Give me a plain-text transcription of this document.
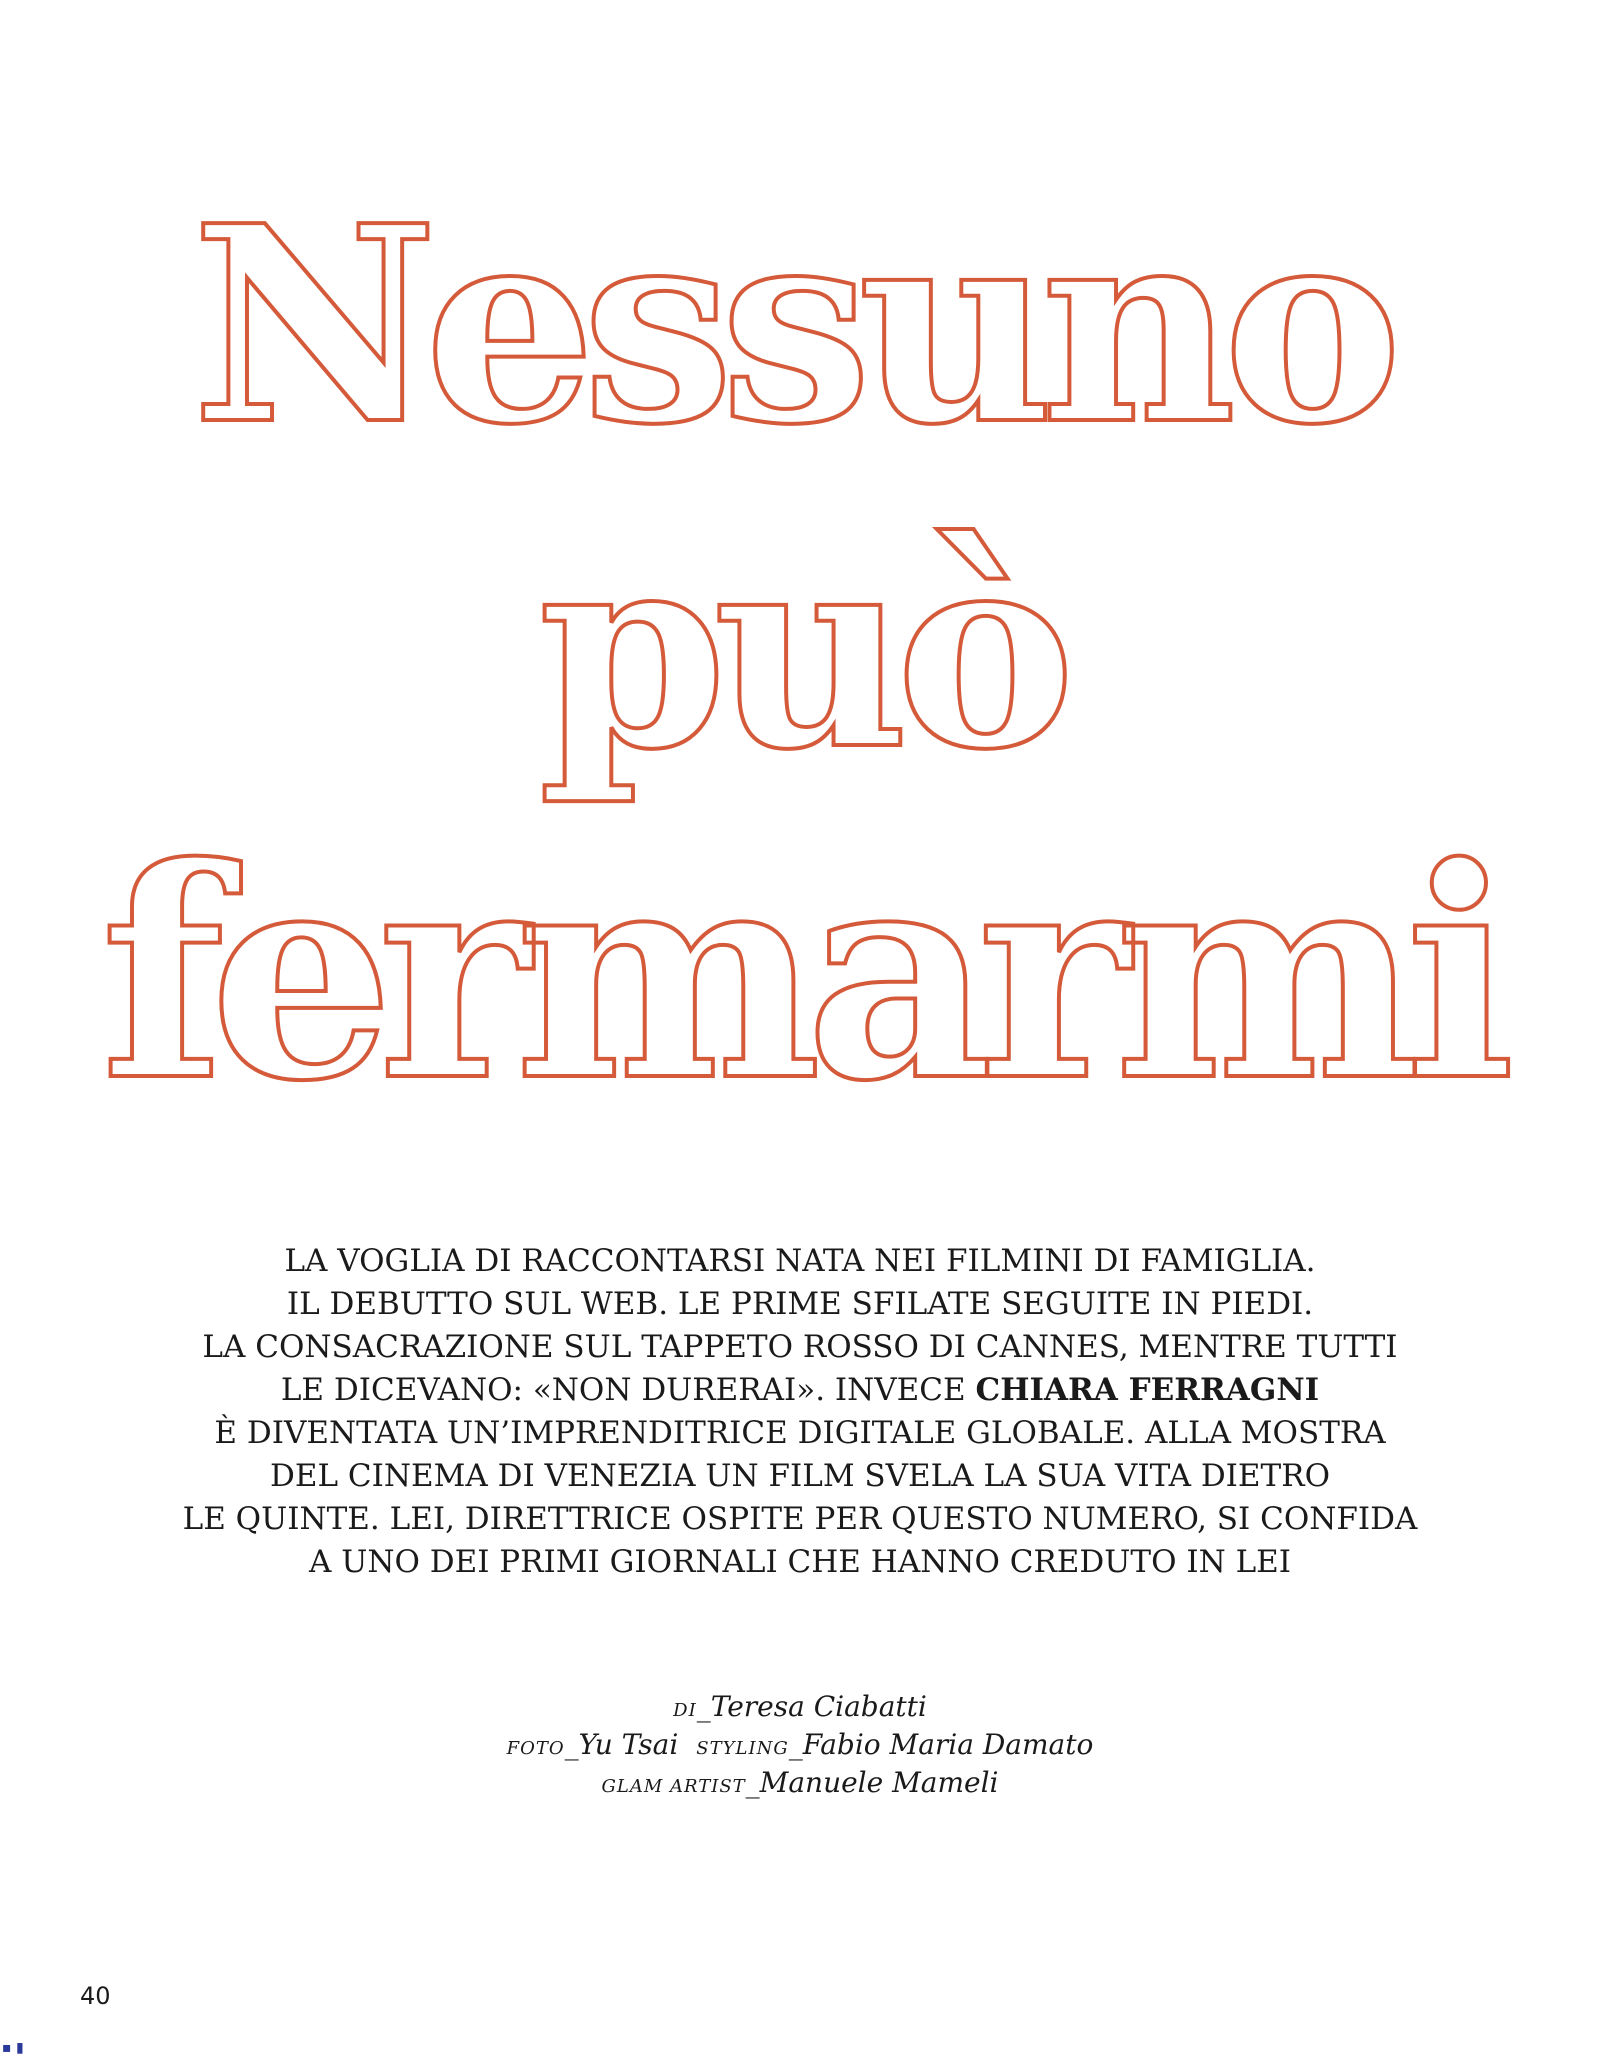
Nessuno
può
fermarmi
LA VOGLIA DI RACCONTARSI NATA NEI FILMINI DI FAMIGLIA.
IL DEBUTTO SUL WEB. LE PRIME SFILATE SEGUITE IN PIEDI.
LA CONSACRAZIONE SUL TAPPETO ROSSO DI CANNES, MENTRE TUTTI
LE DICEVANO: «NON DURERAI». INVECE CHIARA FERRAGNI
È DIVENTATA UN’IMPRENDITRICE DIGITALE GLOBALE. ALLA MOSTRA
DEL CINEMA DI VENEZIA UN FILM SVELA LA SUA VITA DIETRO
LE QUINTE. LEI, DIRETTRICE OSPITE PER QUESTO NUMERO, SI CONFIDA
A UNO DEI PRIMI GIORNALI CHE HANNO CREDUTO IN LEI
DI_Teresa Ciabatti
FOTO_Yu Tsai STYLING_Fabio Maria Damato
GLAM ARTIST_Manuele Mameli
40
▪ ▮
